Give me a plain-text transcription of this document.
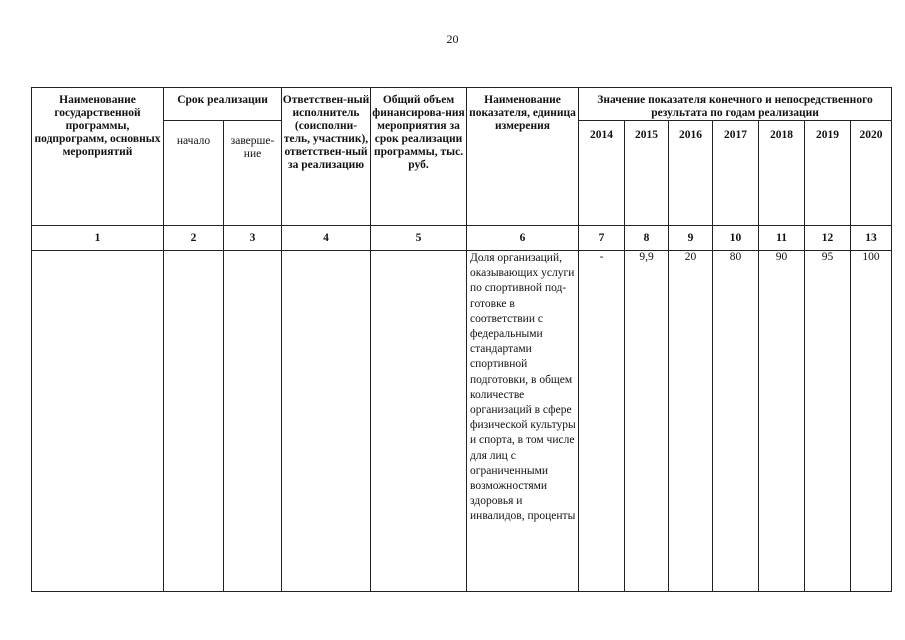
20
Наименование государственной программы, подпрограмм, основных мероприятий	Срок реализации		Ответствен-ный исполнитель (соисполни-тель, участник), ответствен-ный за реализацию	Общий объем финансирова-ния мероприятия за срок реализации программы, тыс. руб.	Наименование показателя, единица измерения	Значение показателя конечного и непосредственного результата по годам реализации						
	начало	заверше-ние				2014	2015	2016	2017	2018	2019	2020
1	2	3	4	5	6	7	8	9	10	11	12	13
					Доля организаций, оказывающих услуги по спортивной под-готовке в соответствии с федеральными стандартами спортивной подготовки, в общем количестве организаций в сфере физической культуры и спорта, в том числе для лиц с ограниченными возможностями здоровья и инвалидов, проценты	-	9,9	20	80	90	95	100
